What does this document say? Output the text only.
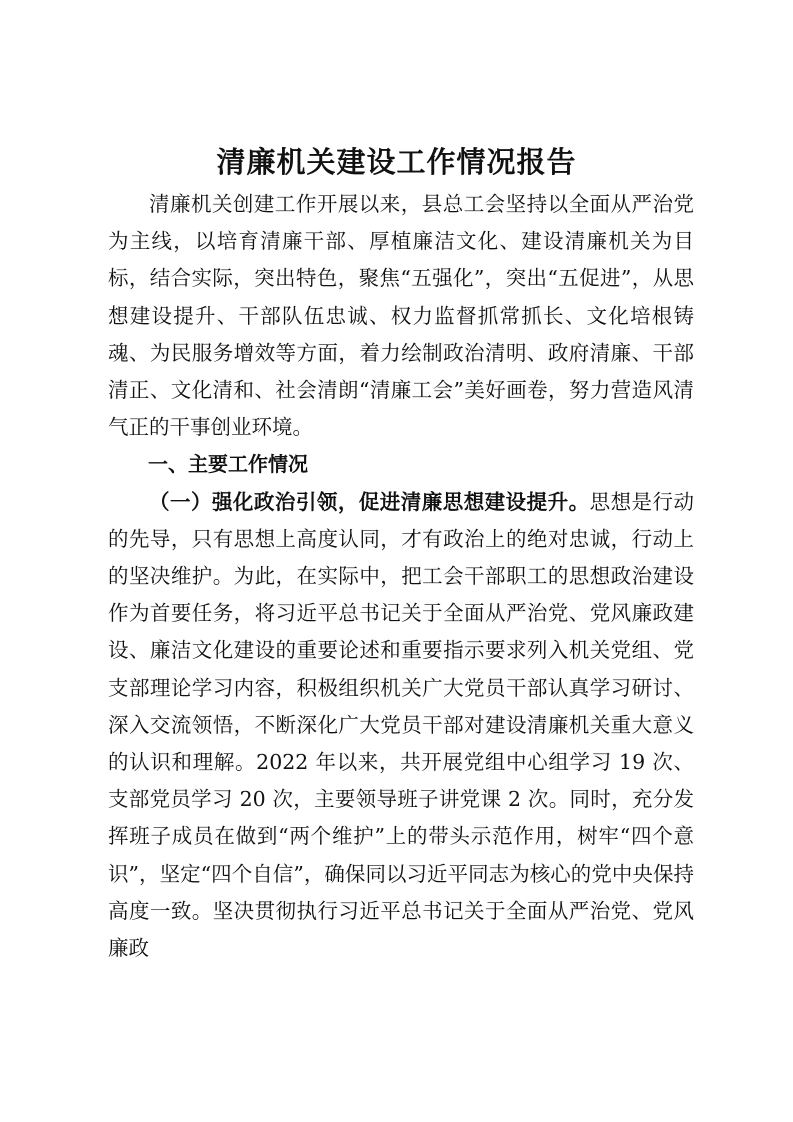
清廉机关建设工作情况报告

清廉机关创建工作开展以来，县总工会坚持以全面从严治党为主线，以培育清廉干部、厚植廉洁文化、建设清廉机关为目标，结合实际，突出特色，聚焦“五强化”，突出“五促进”，从思想建设提升、干部队伍忠诚、权力监督抓常抓长、文化培根铸魂、为民服务增效等方面，着力绘制政治清明、政府清廉、干部清正、文化清和、社会清朗“清廉工会”美好画卷，努力营造风清气正的干事创业环境。

一、主要工作情况

（一）强化政治引领，促进清廉思想建设提升。思想是行动的先导，只有思想上高度认同，才有政治上的绝对忠诚，行动上的坚决维护。为此，在实际中，把工会干部职工的思想政治建设作为首要任务，将习近平总书记关于全面从严治党、党风廉政建设、廉洁文化建设的重要论述和重要指示要求列入机关党组、党支部理论学习内容，积极组织机关广大党员干部认真学习研讨、深入交流领悟，不断深化广大党员干部对建设清廉机关重大意义的认识和理解。2022 年以来，共开展党组中心组学习 19 次、支部党员学习 20 次，主要领导班子讲党课 2 次。同时，充分发挥班子成员在做到“两个维护”上的带头示范作用，树牢“四个意识”，坚定“四个自信”，确保同以习近平同志为核心的党中央保持高度一致。坚决贯彻执行习近平总书记关于全面从严治党、党风廉政
